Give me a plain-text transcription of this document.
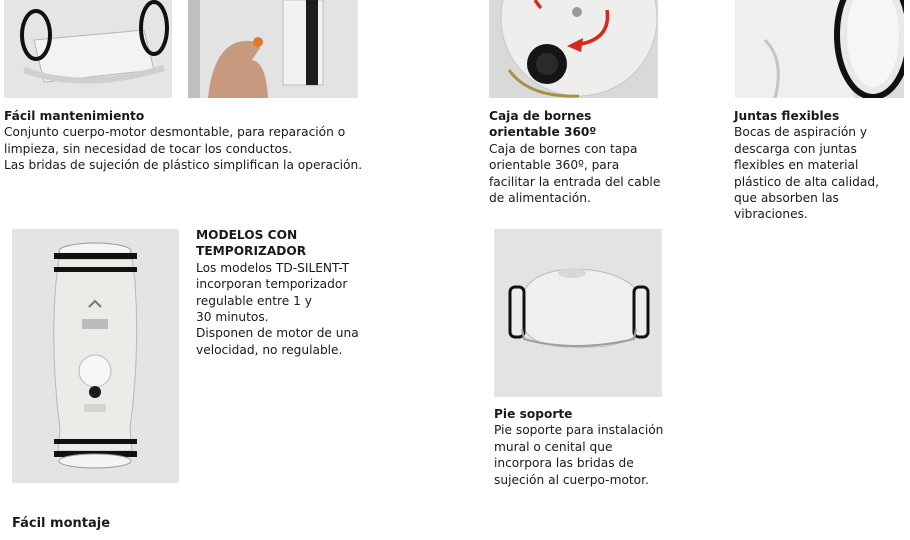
Fácil mantenimiento
Conjunto cuerpo-motor desmontable, para reparación o
limpieza, sin necesidad de tocar los conductos.
Las bridas de sujeción de plástico simplifican la operación.
Caja de bornes
orientable 360º
Caja de bornes con tapa
orientable 360º, para
facilitar la entrada del cable
de alimentación.
Juntas flexibles
Bocas de aspiración y
descarga con juntas
flexibles en material
plástico de alta calidad,
que absorben las
vibraciones.
MODELOS CON
TEMPORIZADOR
Los modelos TD-SILENT-T
incorporan temporizador
regulable entre 1 y
30 minutos.
Disponen de motor de una
velocidad, no regulable.
Pie soporte
Pie soporte para instalación
mural o cenital que
incorpora las bridas de
sujeción al cuerpo-motor.
Fácil montaje
